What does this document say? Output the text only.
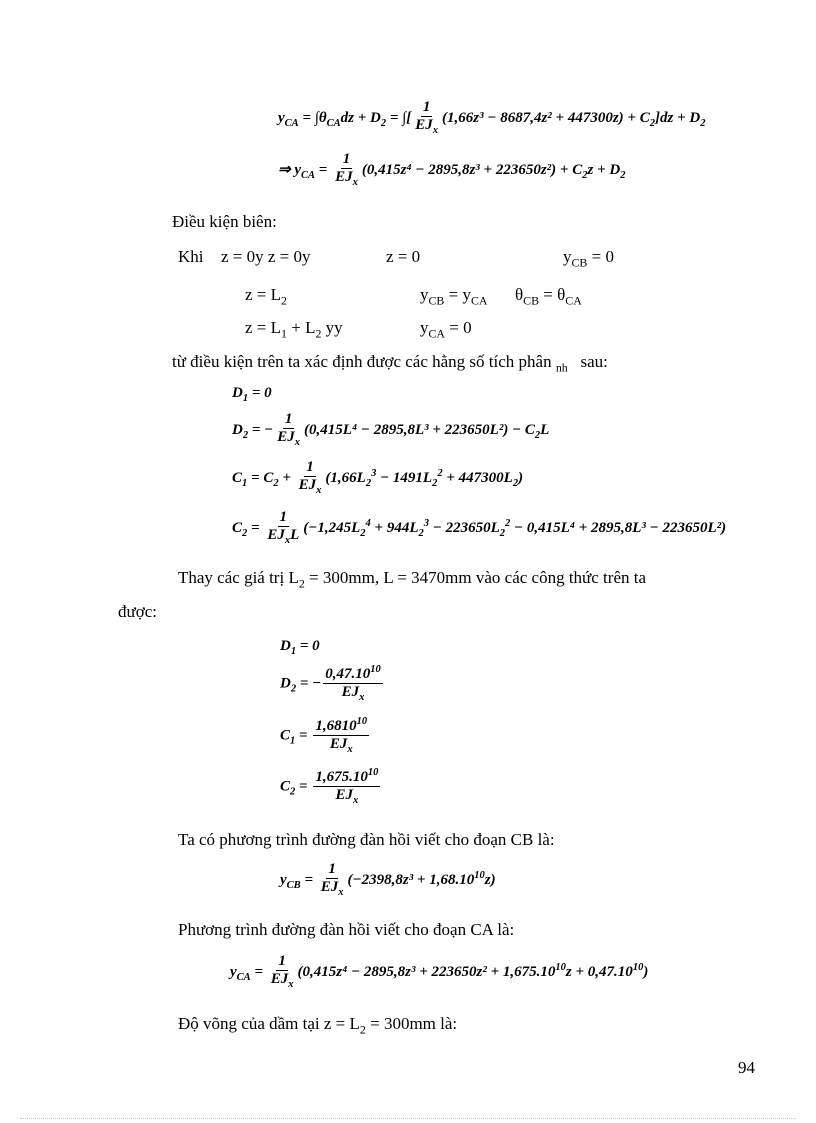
$y_{CA} = \int\theta_{CA}dz + D_2$ = ∫[ $\frac{1}{EJ_x} (1,66z^3 - 8687,4z^2 + 447300z) + C_2]dz + D_2$
⇒ $y_{CA} = \frac{1}{EJ_x} (0,415z^4 - 2895,8z^3 + 223650z^2) + C_2z + D_2$
Điều kiện biên:
Khi z = 0y z = 0y	z = 0	$y_{CB} = 0$
$z = L_2$	$y_{CB} = y_{CA}$ $\theta_{CB} = \theta_{CA}$
$z = L_1 + L_2$ yy	$y_{CA} = 0$
từ điều kiện trên ta xác định được các hằng số tích phân $_{nh}$ sau:
$D_1 = 0$
$D_2$ = − $\frac{1}{EJ_x} (0,415L^4 - 2895,8L^3 + 223650L^2) - C_2L$
$C_1 = C_2 + \frac{1}{EJ_x} (1,66L_2^3 - 1491L_2^2 + 447300L_2)$
$C_2 = \frac{1}{EJ_xL} (-1,245L_2^4 + 944L_2^3 - 223650L_2^2 - 0,415L^4 + 2895,8L^3 - 223650L^2)$
Thay các giá trị $L_2 = 300mm$, L = 3470mm vào các công thức trên ta
được:
$D_1 = 0$
$D_2$ = − $\frac{0,47.10^{10}}{EJ_x}$
$C_1 = \frac{1,6810^{10}}{EJ_x}$
$C_2 = \frac{1,675.10^{10}}{EJ_x}$
Ta có phương trình đường đàn hồi viết cho đoạn CB là:
$y_{CB} = \frac{1}{EJ_x} (-2398,8z^3 + 1,68.10^{10}z)$
Phương trình đường đàn hồi viết cho đoạn CA là:
$y_{CA} = \frac{1}{EJ_x} (0,415z^4 - 2895,8z^3 + 223650z^2 + 1,675.10^{10}z + 0,47.10^{10})$
Độ võng của dầm tại $z = L_2 = 300mm$ là:
94
